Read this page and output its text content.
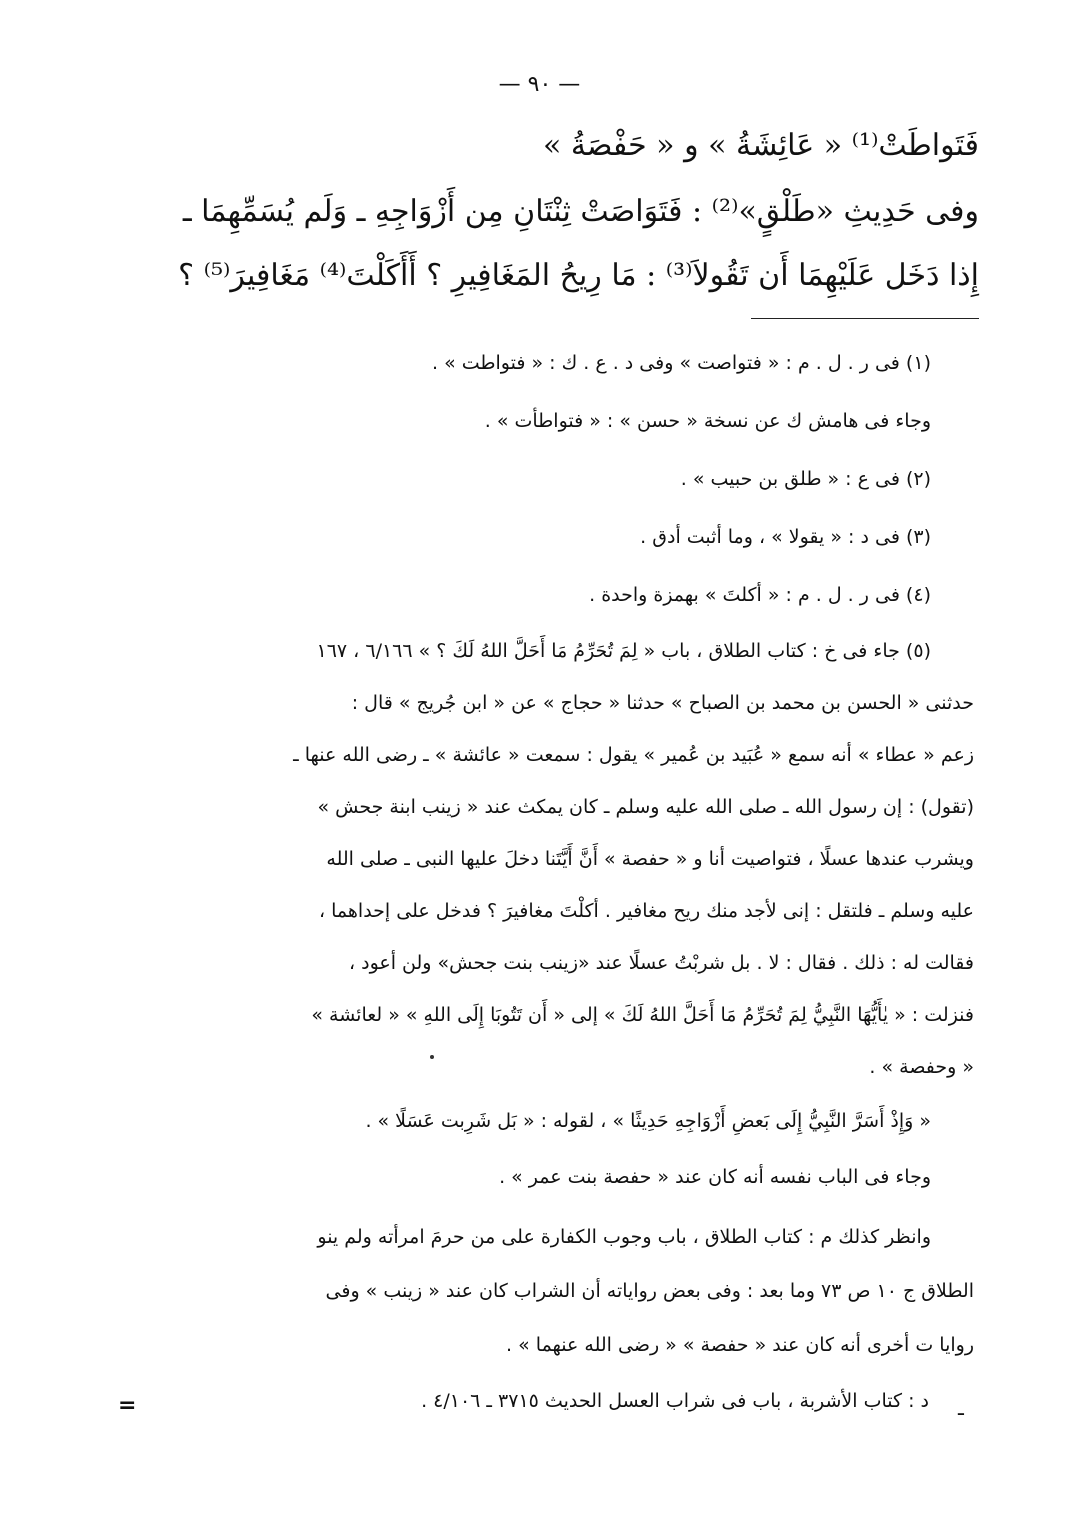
— ٩٠ —
فَتَواطَتْ⁽¹⁾ « عَائِشَةُ » و « حَفْصَةُ »
وفى حَدِيثِ «طَلْقٍ»⁽²⁾ : فَتَوَاصَتْ ثِنْتَانِ مِن أَزْوَاجِهِ ـ وَلَم يُسَمِّهِمَا ـ
إِذا دَخَل عَلَيْهِمَا أَن تَقُولاَ⁽³⁾ : مَا رِيحُ المَغَافِيرِ ؟ أَأَكَلْتَ⁽⁴⁾ مَغَافِيرَ⁽⁵⁾ ؟
(١) فى ر . ل . م : « فتواصت » وفى د . ع . ك : « فتواطت » .
وجاء فى هامش ك عن نسخة « حسن » : « فتواطأت » .
(٢) فى ع : « طلق بن حبيب » .
(٣) فى د : « يقولا » ، وما أثبت أدق .
(٤) فى ر . ل . م : « أكلتَ » بهمزة واحدة .
(٥) جاء فى خ : كتاب الطلاق ، باب « لِمَ تُحَرِّمُ مَا أَحَلَّ اللهُ لَكَ ؟ » ٦/١٦٦ ، ١٦٧
حدثنى « الحسن بن محمد بن الصباح » حدثنا « حجاج » عن « ابن جُريج » قال :
زعم « عطاء » أنه سمع « عُبَيد بن عُمير » يقول : سمعت « عائشة » ـ رضى الله عنها ـ
(تقول) : إن رسول الله ـ صلى الله عليه وسلم ـ كان يمكث عند « زينب ابنة جحش »
ويشرب عندها عسلًا ، فتواصيت أنا و « حفصة » أَنَّ أَيَّتَنا دخلَ عليها النبى ـ صلى الله
عليه وسلم ـ فلتقل : إنى لأجد منك ريح مغافير . أكلْتَ مغافيرَ ؟ فدخل على إحداهما ،
فقالت له : ذلك . فقال : لا . بل شربْتُ عسلًا عند «زينب بنت جحش» ولن أعود ،
فنزلت : « يٰأَيُّهَا النَّبِيُّ لِمَ تُحَرِّمُ مَا أَحَلَّ اللهُ لَكَ » إلى « أَن تَتُوبَا إِلَى اللهِ » « لعائشة »
« وحفصة » .
« وَإِذْ أَسَرَّ النَّبِيُّ إِلَى بَعضِ أَزْوَاجِهِ حَدِيثًا » ، لقوله : « بَل شَرِبت عَسَلًا » .
وجاء فى الباب نفسه أنه كان عند « حفصة بنت عمر » .
وانظر كذلك م : كتاب الطلاق ، باب وجوب الكفارة على من حرمَ امرأته ولم ينو
الطلاق ج ١٠ ص ٧٣ وما بعد : وفى بعض رواياته أن الشراب كان عند « زينب » وفى
روايا ت أخرى أنه كان عند « حفصة » « رضى الله عنهما » .
د : كتاب الأشربة ، باب فى شراب العسل الحديث ٣٧١٥ ـ ٤/١٠٦ . ـ
=
